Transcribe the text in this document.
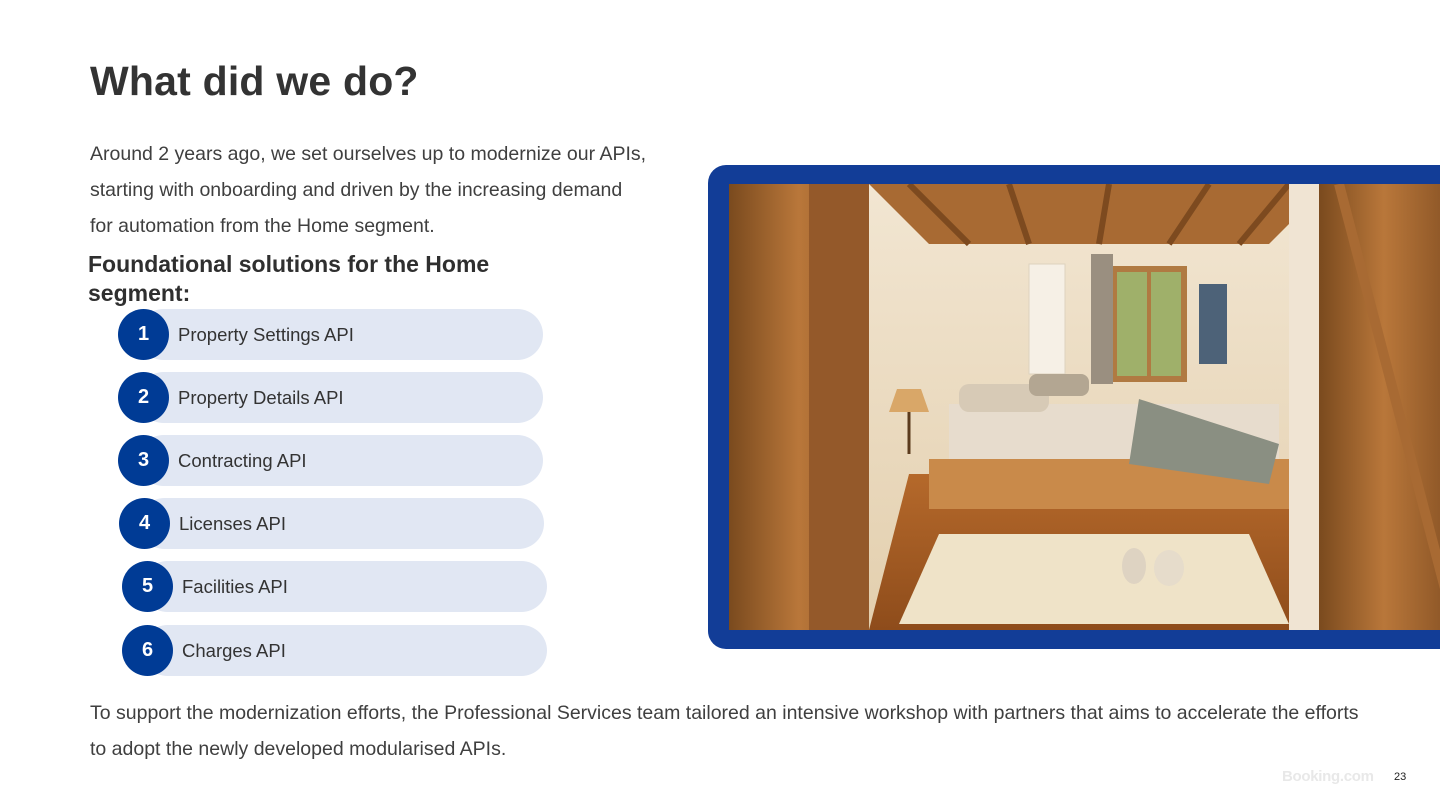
What did we do?

Around 2 years ago, we set ourselves up to modernize our APIs, starting with onboarding and driven by the increasing demand for automation from the Home segment.

Foundational solutions for the Home segment:
1	Property Settings API
2	Property Details API
3	Contracting API
4	Licenses API
5	Facilities API
6	Charges API

To support the modernization efforts, the Professional Services team tailored an intensive workshop with partners that aims to accelerate the efforts to adopt the newly developed modularised APIs.

Booking.com 23
